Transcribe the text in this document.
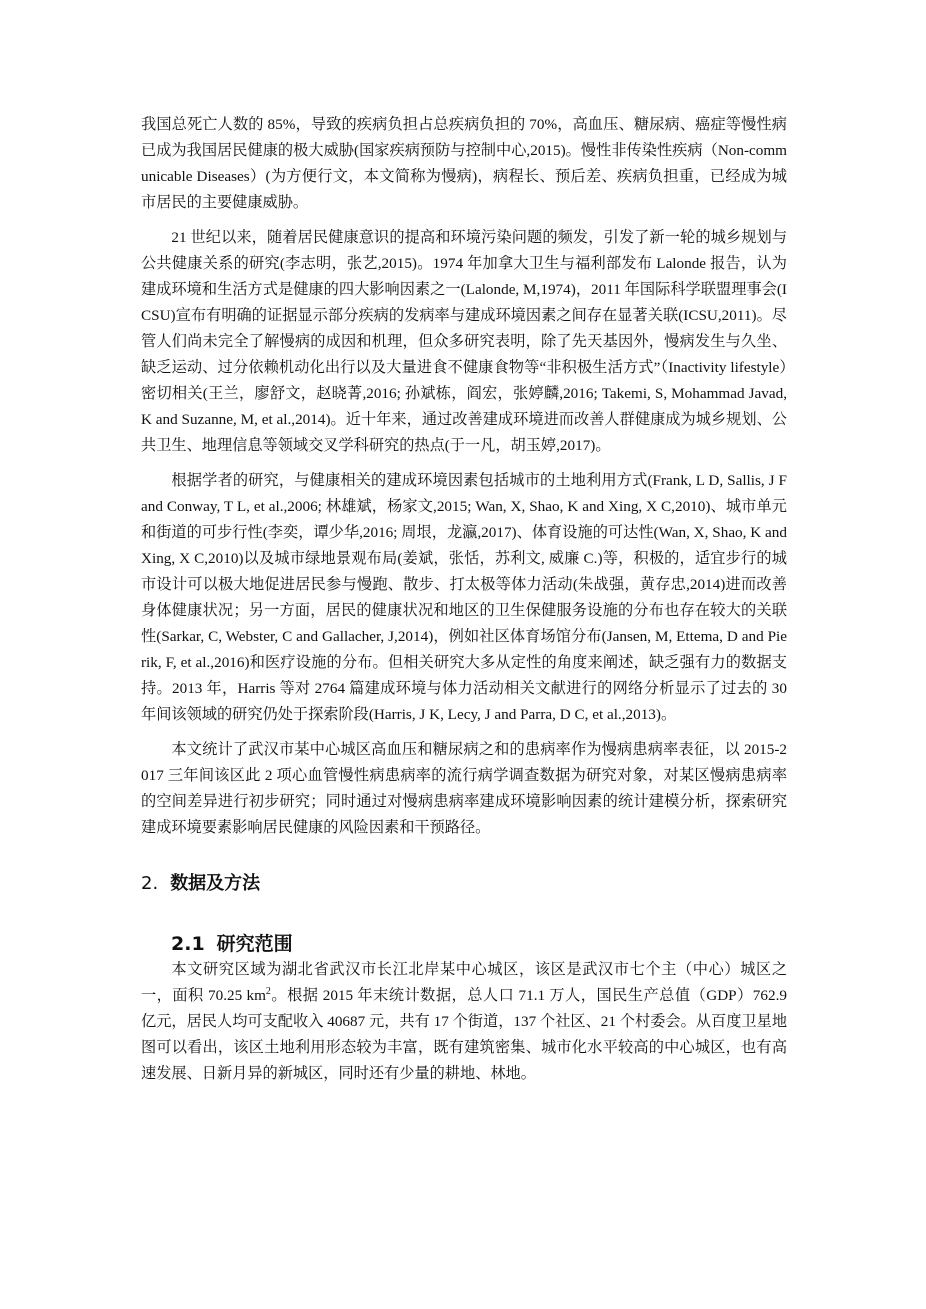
我国总死亡人数的 85%，导致的疾病负担占总疾病负担的 70%，高血压、糖尿病、癌症等慢性病已成为我国居民健康的极大威胁(国家疾病预防与控制中心,2015)。慢性非传染性疾病（Non-communicable Diseases）(为方便行文，本文简称为慢病)，病程长、预后差、疾病负担重，已经成为城市居民的主要健康威胁。

21 世纪以来，随着居民健康意识的提高和环境污染问题的频发，引发了新一轮的城乡规划与公共健康关系的研究(李志明，张艺,2015)。1974 年加拿大卫生与福利部发布 Lalonde 报告，认为建成环境和生活方式是健康的四大影响因素之一(Lalonde, M,1974)，2011 年国际科学联盟理事会(ICSU)宣布有明确的证据显示部分疾病的发病率与建成环境因素之间存在显著关联(ICSU,2011)。尽管人们尚未完全了解慢病的成因和机理，但众多研究表明，除了先天基因外，慢病发生与久坐、缺乏运动、过分依赖机动化出行以及大量进食不健康食物等“非积极生活方式”（Inactivity lifestyle）密切相关(王兰，廖舒文，赵晓菁,2016; 孙斌栋，阎宏，张婷麟,2016; Takemi, S, Mohammad Javad, K and Suzanne, M, et al.,2014)。近十年来，通过改善建成环境进而改善人群健康成为城乡规划、公共卫生、地理信息等领域交叉学科研究的热点(于一凡，胡玉婷,2017)。

根据学者的研究，与健康相关的建成环境因素包括城市的土地利用方式(Frank, L D, Sallis, J F and Conway, T L, et al.,2006; 林雄斌，杨家文,2015; Wan, X, Shao, K and Xing, X C,2010)、城市单元和街道的可步行性(李奕，谭少华,2016; 周垠，龙瀛,2017)、体育设施的可达性(Wan, X, Shao, K and Xing, X C,2010)以及城市绿地景观布局(姜斌，张恬，苏利文, 威廉 C.)等，积极的，适宜步行的城市设计可以极大地促进居民参与慢跑、散步、打太极等体力活动(朱战强，黄存忠,2014)进而改善身体健康状况；另一方面，居民的健康状况和地区的卫生保健服务设施的分布也存在较大的关联性(Sarkar, C, Webster, C and Gallacher, J,2014)，例如社区体育场馆分布(Jansen, M, Ettema, D and Pierik, F, et al.,2016)和医疗设施的分布。但相关研究大多从定性的角度来阐述，缺乏强有力的数据支持。2013 年，Harris 等对 2764 篇建成环境与体力活动相关文献进行的网络分析显示了过去的 30 年间该领域的研究仍处于探索阶段(Harris, J K, Lecy, J and Parra, D C, et al.,2013)。

本文统计了武汉市某中心城区高血压和糖尿病之和的患病率作为慢病患病率表征，以 2015-2017 三年间该区此 2 项心血管慢性病患病率的流行病学调查数据为研究对象，对某区慢病患病率的空间差异进行初步研究；同时通过对慢病患病率建成环境影响因素的统计建模分析，探索研究建成环境要素影响居民健康的风险因素和干预路径。

2. 数据及方法
2.1 研究范围

本文研究区域为湖北省武汉市长江北岸某中心城区，该区是武汉市七个主（中心）城区之一，面积 70.25 $km^2$。根据 2015 年末统计数据，总人口 71.1 万人，国民生产总值（GDP）762.9 亿元，居民人均可支配收入 40687 元，共有 17 个街道，137 个社区、21 个村委会。从百度卫星地图可以看出，该区土地利用形态较为丰富，既有建筑密集、城市化水平较高的中心城区，也有高速发展、日新月异的新城区，同时还有少量的耕地、林地。
